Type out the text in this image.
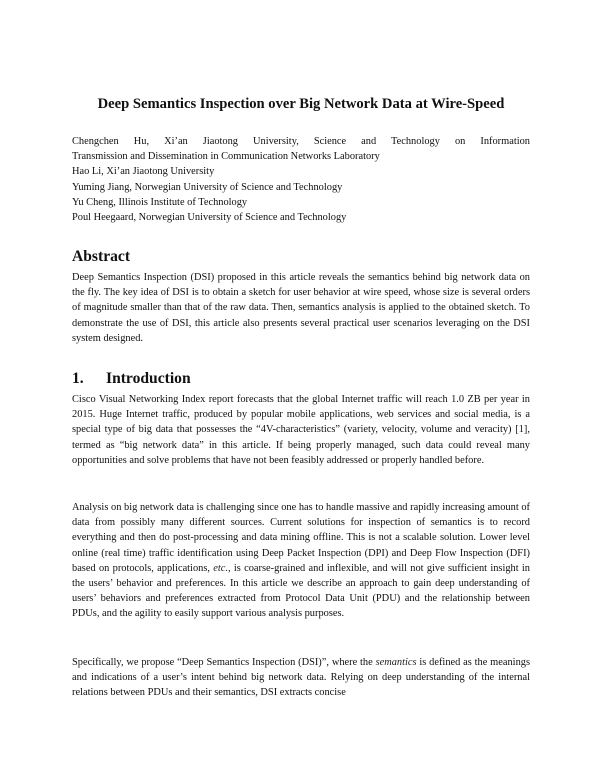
Deep Semantics Inspection over Big Network Data at Wire-Speed
Chengchen Hu, Xi’an Jiaotong University, Science and Technology on Information
Transmission and Dissemination in Communication Networks Laboratory
Hao Li, Xi’an Jiaotong University
Yuming Jiang, Norwegian University of Science and Technology
Yu Cheng, Illinois Institute of Technology
Poul Heegaard, Norwegian University of Science and Technology
Abstract

Deep Semantics Inspection (DSI) proposed in this article reveals the semantics behind big network data on the fly. The key idea of DSI is to obtain a sketch for user behavior at wire speed, whose size is several orders of magnitude smaller than that of the raw data. Then, semantics analysis is applied to the obtained sketch. To demonstrate the use of DSI, this article also presents several practical user scenarios leveraging on the DSI system designed.

1. Introduction

Cisco Visual Networking Index report forecasts that the global Internet traffic will reach 1.0 ZB per year in 2015. Huge Internet traffic, produced by popular mobile applications, web services and social media, is a special type of big data that possesses the “4V-characteristics” (variety, velocity, volume and veracity) [1], termed as “big network data” in this article. If being properly managed, such data could reveal many opportunities and solve problems that have not been feasibly addressed or properly handled before.

Analysis on big network data is challenging since one has to handle massive and rapidly increasing amount of data from possibly many different sources. Current solutions for inspection of semantics is to record everything and then do post-processing and data mining offline. This is not a scalable solution. Lower level online (real time) traffic identification using Deep Packet Inspection (DPI) and Deep Flow Inspection (DFI) based on protocols, applications, etc., is coarse-grained and inflexible, and will not give sufficient insight in the users’ behavior and preferences. In this article we describe an approach to gain deep understanding of users’ behaviors and preferences extracted from Protocol Data Unit (PDU) and the relationship between PDUs, and the agility to easily support various analysis purposes.

Specifically, we propose “Deep Semantics Inspection (DSI)”, where the semantics is defined as the meanings and indications of a user’s intent behind big network data. Relying on deep understanding of the internal relations between PDUs and their semantics, DSI extracts concise
